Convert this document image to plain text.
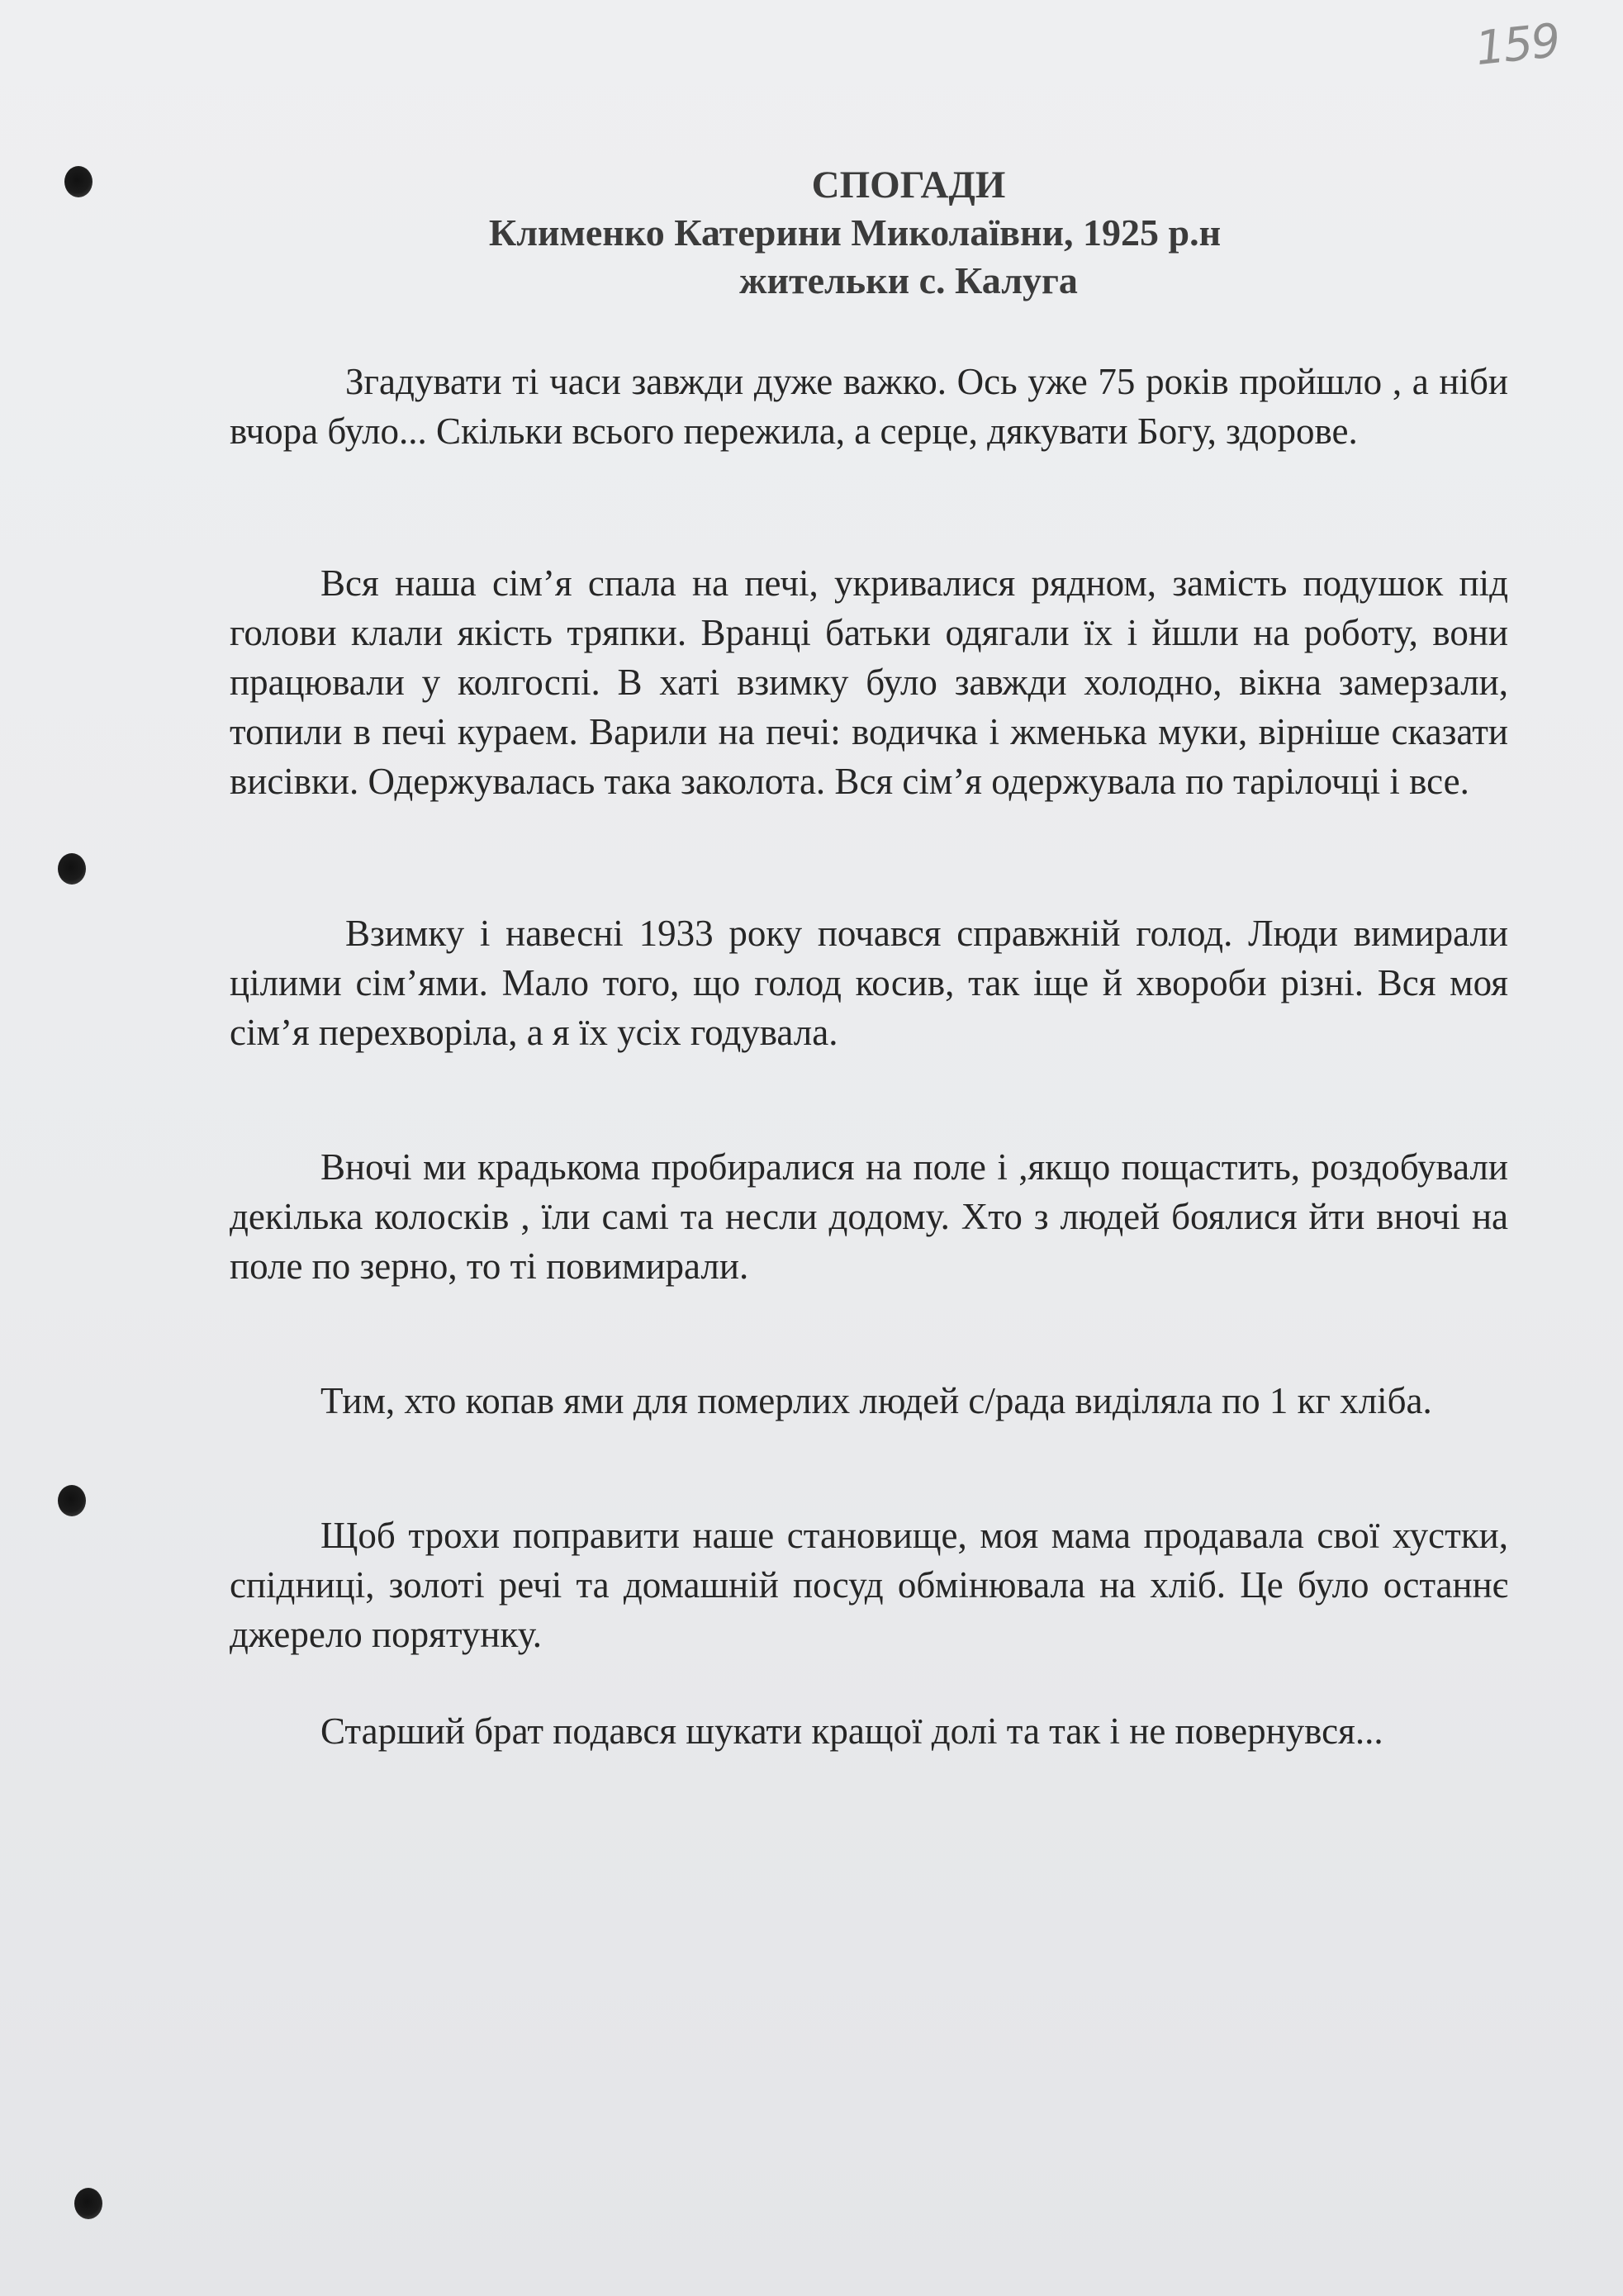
159
СПОГАДИ
Клименко Катерини Миколаївни, 1925 р.н
жительки с. Калуга

Згадувати ті часи завжди дуже важко. Ось уже 75 років пройшло , а ніби вчора було... Скільки всього пережила, а серце, дякувати Богу, здорове.

Вся наша сім’я спала на печі, укривалися рядном, замість подушок під голови клали якість тряпки. Вранці батьки одягали їх і йшли на роботу, вони працювали у колгоспі. В хаті взимку було завжди холодно, вікна замерзали, топили в печі кураем. Варили на печі: водичка і жменька муки, вірніше сказати висівки. Одержувалась така заколота. Вся сім’я одержувала по тарілочці і все.

Взимку і навесні 1933 року почався справжній голод. Люди вимирали цілими сім’ями. Мало того, що голод косив, так іще й хвороби різні. Вся моя сім’я перехворіла, а я їх усіх годувала.

Вночі ми крадькома пробиралися на поле і ,якщо пощастить, роздобували декілька колосків , їли самі та несли додому. Хто з людей боялися йти вночі на поле по зерно, то ті повимирали.

Тим, хто копав ями для померлих людей с/рада виділяла по 1 кг хліба.

Щоб трохи поправити наше становище, моя мама продавала свої хустки, спідниці, золоті речі та домашній посуд обмінювала на хліб. Це було останнє джерело порятунку.

Старший брат подався шукати кращої долі та так і не повернувся...
